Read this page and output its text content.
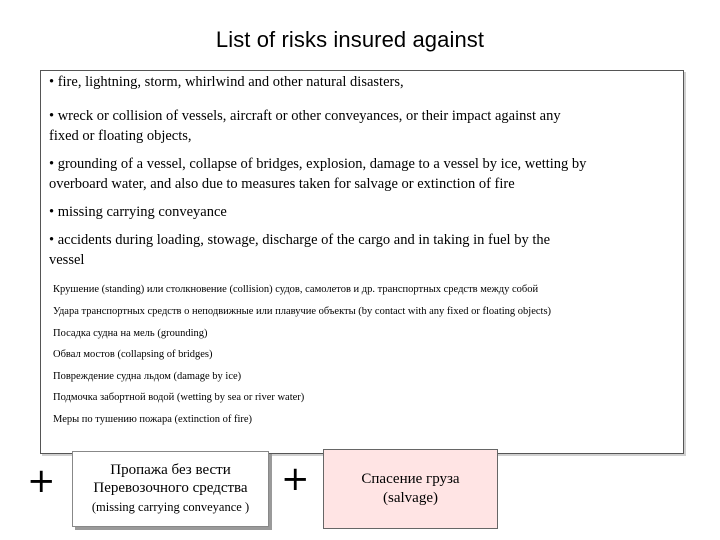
List of risks insured against
• fire, lightning, storm, whirlwind and other natural disasters,
• wreck or collision of vessels, aircraft or other conveyances, or their impact against any
fixed or floating objects,
• grounding of a vessel, collapse of bridges, explosion, damage to a vessel by ice, wetting by
overboard water, and also due to measures taken for salvage or extinction of fire
• missing carrying conveyance
• accidents during loading, stowage, discharge of the cargo and in taking in fuel by the
vessel
Крушение (standing) или столкновение (collision) судов, самолетов и др. транспортных средств между собой
Удара транспортных средств о неподвижные или плавучие объекты (by contact with any fixed or floating objects)
Посадка судна на мель (grounding)
Обвал мостов (collapsing of bridges)
Повреждение судна льдом (damage by ice)
Подмочка забортной водой (wetting by sea or river water)
Меры по тушению пожара (extinction of fire)
+	Пропажа без вести
Перевозочного средства
(missing carrying conveyance )
+	Спасение груза
(salvage)
